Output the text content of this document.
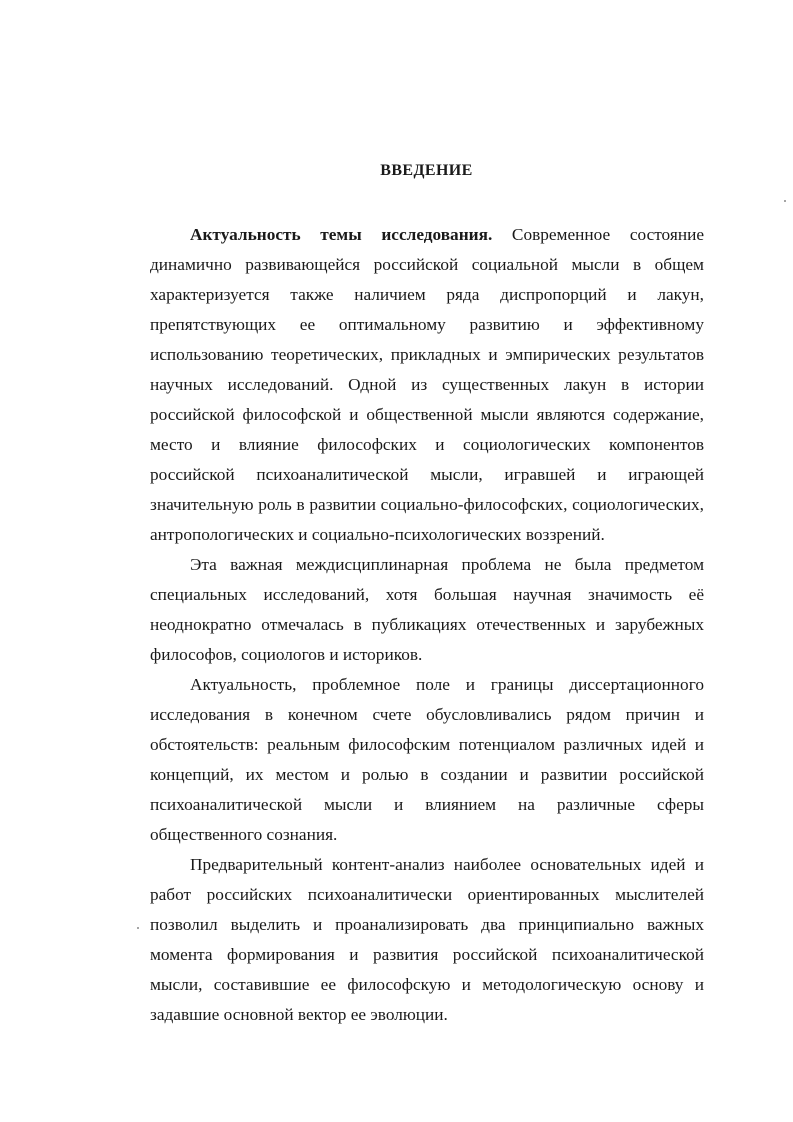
ВВЕДЕНИЕ

Актуальность темы исследования. Современное состояние динамично развивающейся российской социальной мысли в общем характеризуется также наличием ряда диспропорций и лакун, препятствующих ее оптимальному развитию и эффективному использованию теоретических, прикладных и эмпирических результатов научных исследований. Одной из существенных лакун в истории российской философской и общественной мысли являются содержание, место и влияние философских и социологических компонентов российской психоаналитической мысли, игравшей и играющей значительную роль в развитии социально-философских, социологических, антропологических и социально-психологических воззрений.

Эта важная междисциплинарная проблема не была предметом специальных исследований, хотя большая научная значимость её неоднократно отмечалась в публикациях отечественных и зарубежных философов, социологов и историков.

Актуальность, проблемное поле и границы диссертационного исследования в конечном счете обусловливались рядом причин и обстоятельств: реальным философским потенциалом различных идей и концепций, их местом и ролью в создании и развитии российской психоаналитической мысли и влиянием на различные сферы общественного сознания.

Предварительный контент-анализ наиболее основательных идей и работ российских психоаналитически ориентированных мыслителей позволил выделить и проанализировать два принципиально важных момента формирования и развития российской психоаналитической мысли, составившие ее философскую и методологическую основу и задавшие основной вектор ее эволюции.
